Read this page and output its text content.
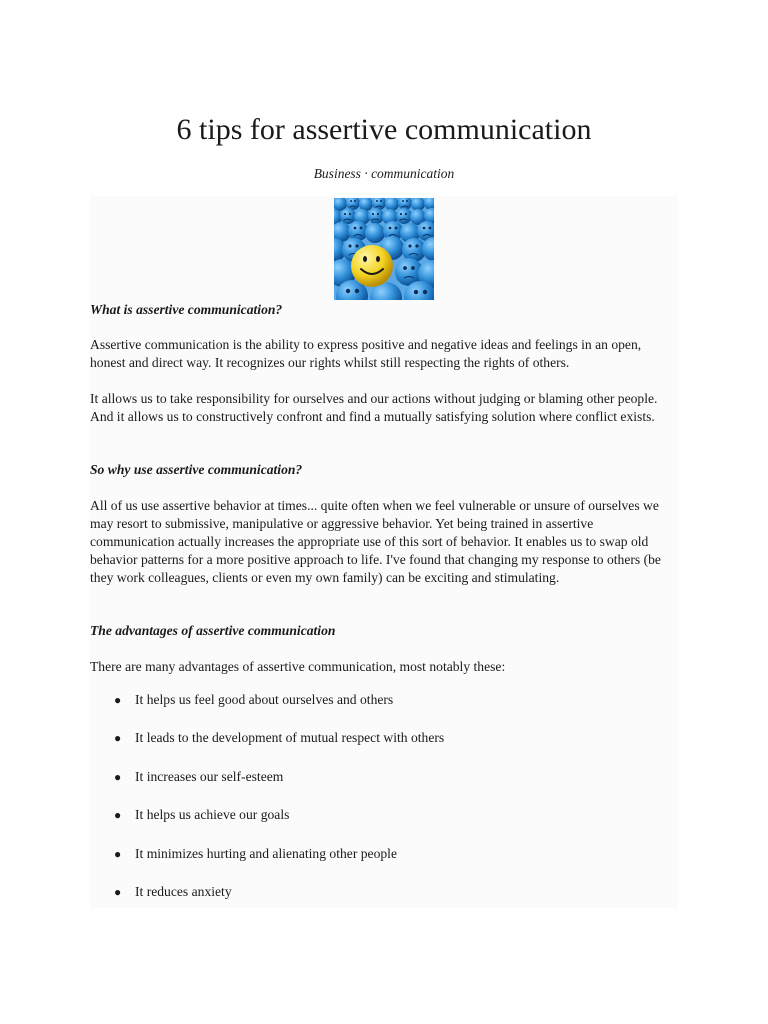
6 tips for assertive communication
Business · communication

What is assertive communication?

Assertive communication is the ability to express positive and negative ideas and feelings in an open, honest and direct way. It recognizes our rights whilst still respecting the rights of others.

It allows us to take responsibility for ourselves and our actions without judging or blaming other people. And it allows us to constructively confront and find a mutually satisfying solution where conflict exists.

So why use assertive communication?

All of us use assertive behavior at times... quite often when we feel vulnerable or unsure of ourselves we may resort to submissive, manipulative or aggressive behavior. Yet being trained in assertive communication actually increases the appropriate use of this sort of behavior. It enables us to swap old behavior patterns for a more positive approach to life. I've found that changing my response to others (be they work colleagues, clients or even my own family) can be exciting and stimulating.

The advantages of assertive communication

There are many advantages of assertive communication, most notably these:

● It helps us feel good about ourselves and others
● It leads to the development of mutual respect with others
● It increases our self-esteem
● It helps us achieve our goals
● It minimizes hurting and alienating other people
● It reduces anxiety
